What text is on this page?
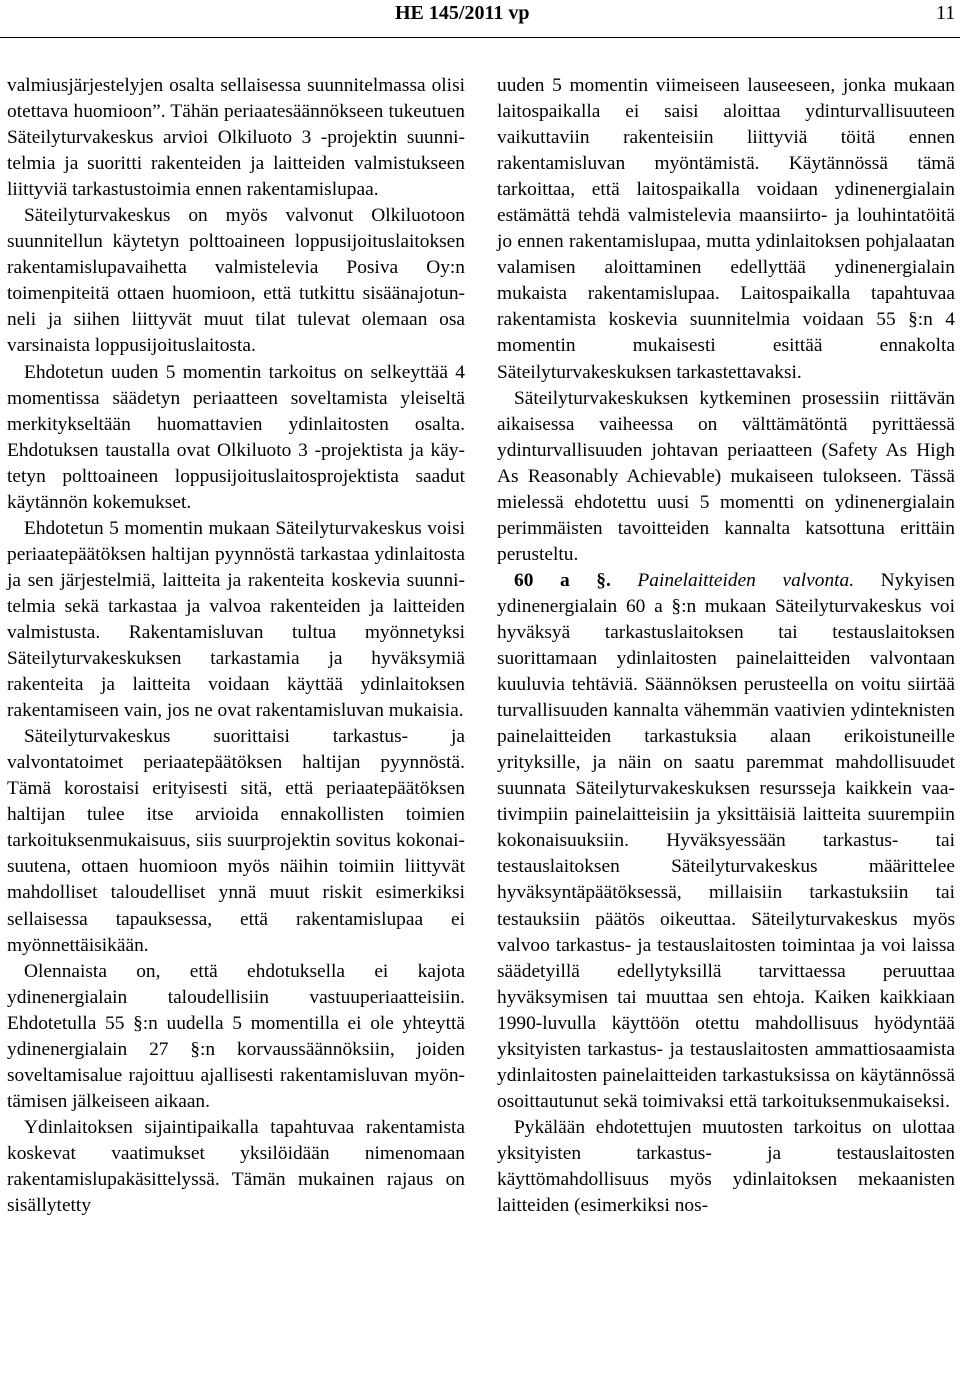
HE 145/2011 vp	11

valmiusjärjestelyjen osalta sellaisessa suunnitelmassa olisi otettava huomioon”. Tähän periaatesäännökseen tukeutuen Säteilyturvakeskus arvioi Olkiluoto 3 -projektin suunnitelmia ja suoritti rakenteiden ja laitteiden valmistukseen liittyviä tarkastustoimia ennen rakentamislupaa.

Säteilyturvakeskus on myös valvonut Olkiluotoon suunnitellun käytetyn polttoaineen loppusijoituslaitoksen rakentamislupavaihetta valmistelevia Posiva Oy:n toimenpiteitä ottaen huomioon, että tutkittu sisäänajotunneli ja siihen liittyvät muut tilat tulevat olemaan osa varsinaista loppusijoituslaitosta.

Ehdotetun uuden 5 momentin tarkoitus on selkeyttää 4 momentissa säädetyn periaatteen soveltamista yleiseltä merkitykseltään huomattavien ydinlaitosten osalta. Ehdotuksen taustalla ovat Olkiluoto 3 -projektista ja käytetyn polttoaineen loppusijoituslaitosprojektista saadut käytännön kokemukset.

Ehdotetun 5 momentin mukaan Säteilyturvakeskus voisi periaatepäätöksen haltijan pyynnöstä tarkastaa ydinlaitosta ja sen järjestelmiä, laitteita ja rakenteita koskevia suunnitelmia sekä tarkastaa ja valvoa rakenteiden ja laitteiden valmistusta. Rakentamisluvan tultua myönnetyksi Säteilyturvakeskuksen tarkastamia ja hyväksymiä rakenteita ja laitteita voidaan käyttää ydinlaitoksen rakentamiseen vain, jos ne ovat rakentamisluvan mukaisia.

Säteilyturvakeskus suorittaisi tarkastus- ja valvontatoimet periaatepäätöksen haltijan pyynnöstä. Tämä korostaisi erityisesti sitä, että periaatepäätöksen haltijan tulee itse arvioida ennakollisten toimien tarkoituksenmukaisuus, siis suurprojektin sovitus kokonaisuutena, ottaen huomioon myös näihin toimiin liittyvät mahdolliset taloudelliset ynnä muut riskit esimerkiksi sellaisessa tapauksessa, että rakentamislupaa ei myönnettäisikään.

Olennaista on, että ehdotuksella ei kajota ydinenergialain taloudellisiin vastuuperiaatteisiin. Ehdotetulla 55 §:n uudella 5 momentilla ei ole yhteyttä ydinenergialain 27 §:n korvaussäännöksiin, joiden soveltamisalue rajoittuu ajallisesti rakentamisluvan myöntämisen jälkeiseen aikaan.

Ydinlaitoksen sijaintipaikalla tapahtuvaa rakentamista koskevat vaatimukset yksilöidään nimenomaan rakentamislupakäsittelyssä. Tämän mukainen rajaus on sisällytetty

uuden 5 momentin viimeiseen lauseeseen, jonka mukaan laitospaikalla ei saisi aloittaa ydinturvallisuuteen vaikuttaviin rakenteisiin liittyviä töitä ennen rakentamisluvan myöntämistä. Käytännössä tämä tarkoittaa, että laitospaikalla voidaan ydinenergialain estämättä tehdä valmistelevia maansiirto- ja louhintatöitä jo ennen rakentamislupaa, mutta ydinlaitoksen pohjalaatan valamisen aloittaminen edellyttää ydinenergialain mukaista rakentamislupaa. Laitospaikalla tapahtuvaa rakentamista koskevia suunnitelmia voidaan 55 §:n 4 momentin mukaisesti esittää ennakolta Säteilyturvakeskuksen tarkastettavaksi.

Säteilyturvakeskuksen kytkeminen prosessiin riittävän aikaisessa vaiheessa on välttämätöntä pyrittäessä ydinturvallisuuden johtavan periaatteen (Safety As High As Reasonably Achievable) mukaiseen tulokseen. Tässä mielessä ehdotettu uusi 5 momentti on ydinenergialain perimmäisten tavoitteiden kannalta katsottuna erittäin perusteltu.

60 a §. Painelaitteiden valvonta. Nykyisen ydinenergialain 60 a §:n mukaan Säteilyturvakeskus voi hyväksyä tarkastuslaitoksen tai testauslaitoksen suorittamaan ydinlaitosten painelaitteiden valvontaan kuuluvia tehtäviä. Säännöksen perusteella on voitu siirtää turvallisuuden kannalta vähemmän vaativien ydinteknisten painelaitteiden tarkastuksia alaan erikoistuneille yrityksille, ja näin on saatu paremmat mahdollisuudet suunnata Säteilyturvakeskuksen resursseja kaikkein vaativimpiin painelaitteisiin ja yksittäisiä laitteita suurempiin kokonaisuuksiin. Hyväksyessään tarkastus- tai testauslaitoksen Säteilyturvakeskus määrittelee hyväksyntäpäätöksessä, millaisiin tarkastuksiin tai testauksiin päätös oikeuttaa. Säteilyturvakeskus myös valvoo tarkastus- ja testauslaitosten toimintaa ja voi laissa säädetyillä edellytyksillä tarvittaessa peruuttaa hyväksymisen tai muuttaa sen ehtoja. Kaiken kaikkiaan 1990-luvulla käyttöön otettu mahdollisuus hyödyntää yksityisten tarkastus- ja testauslaitosten ammattiosaamista ydinlaitosten painelaitteiden tarkastuksissa on käytännössä osoittautunut sekä toimivaksi että tarkoituksenmukaiseksi.

Pykälään ehdotettujen muutosten tarkoitus on ulottaa yksityisten tarkastus- ja testauslaitosten käyttömahdollisuus myös ydinlaitoksen mekaanisten laitteiden (esimerkiksi nos-
